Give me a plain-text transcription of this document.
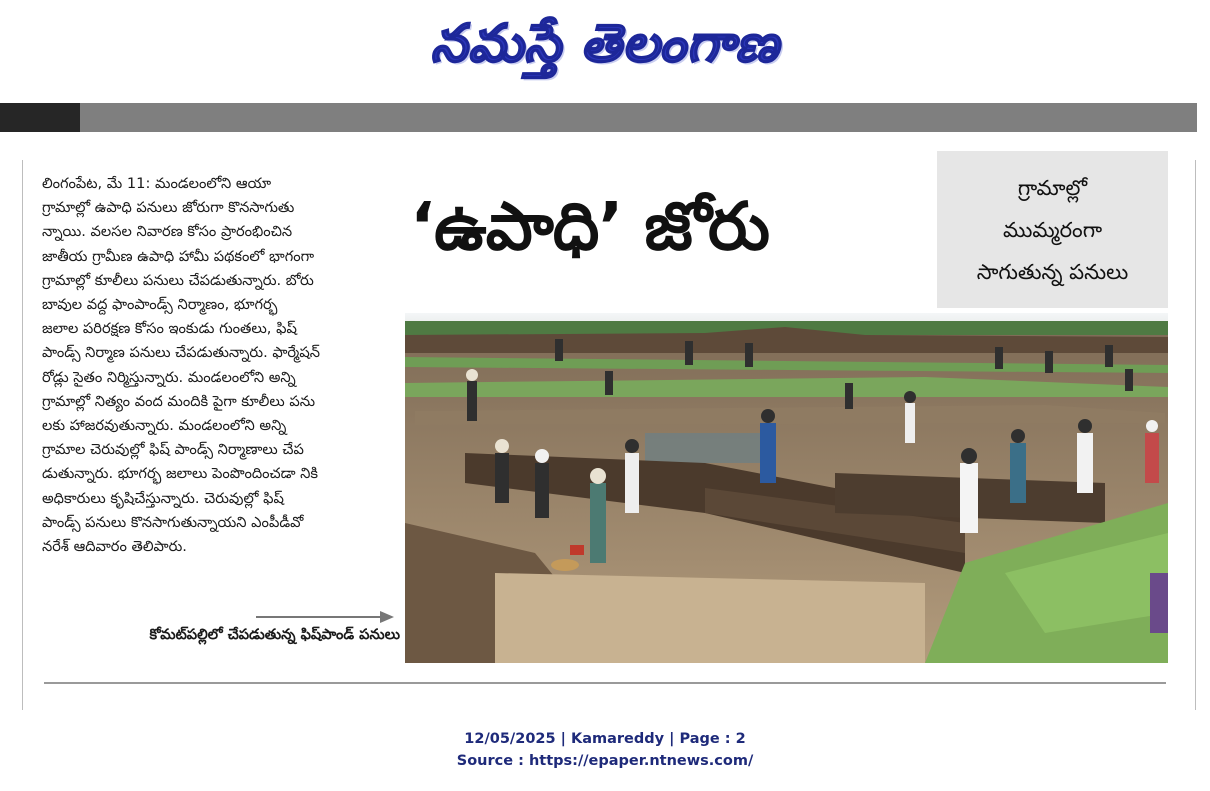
నమస్తే తెలంగాణ
లింగంపేట, మే 11: మండలంలోని ఆయా
గ్రామాల్లో ఉపాధి పనులు జోరుగా కొనసాగుతు
న్నాయి. వలసల నివారణ కోసం ప్రారంభించిన
జాతీయ గ్రామీణ ఉపాధి హామీ పథకంలో భాగంగా
గ్రామాల్లో కూలీలు పనులు చేపడుతున్నారు. బోరు
బావుల వద్ద ఫాంపాండ్స్ నిర్మాణం, భూగర్భ
జలాల పరిరక్షణ కోసం ఇంకుడు గుంతలు, ఫిష్
పాండ్స్ నిర్మాణ పనులు చేపడుతున్నారు. ఫార్మేషన్
రోడ్లు సైతం నిర్మిస్తున్నారు. మండలంలోని అన్ని
గ్రామాల్లో నిత్యం వంద మందికి పైగా కూలీలు పను
లకు హాజరవుతున్నారు. మండలంలోని అన్ని
గ్రామాల చెరువుల్లో ఫిష్ పాండ్స్ నిర్మాణాలు చేప
డుతున్నారు. భూగర్భ జలాలు పెంపొందించడా నికి
అధికారులు కృషిచేస్తున్నారు. చెరువుల్లో ఫిష్
పాండ్స్ పనులు కొనసాగుతున్నాయని ఎంపీడీవో
నరేశ్ ఆదివారం తెలిపారు.
‘ఉపాధి’ జోరు
గ్రామాల్లో
ముమ్మరంగా
సాగుతున్న పనులు
కోమట్‌పల్లిలో చేపడుతున్న ఫిష్‌పాండ్ పనులు
12/05/2025 | Kamareddy | Page : 2
Source : https://epaper.ntnews.com/
